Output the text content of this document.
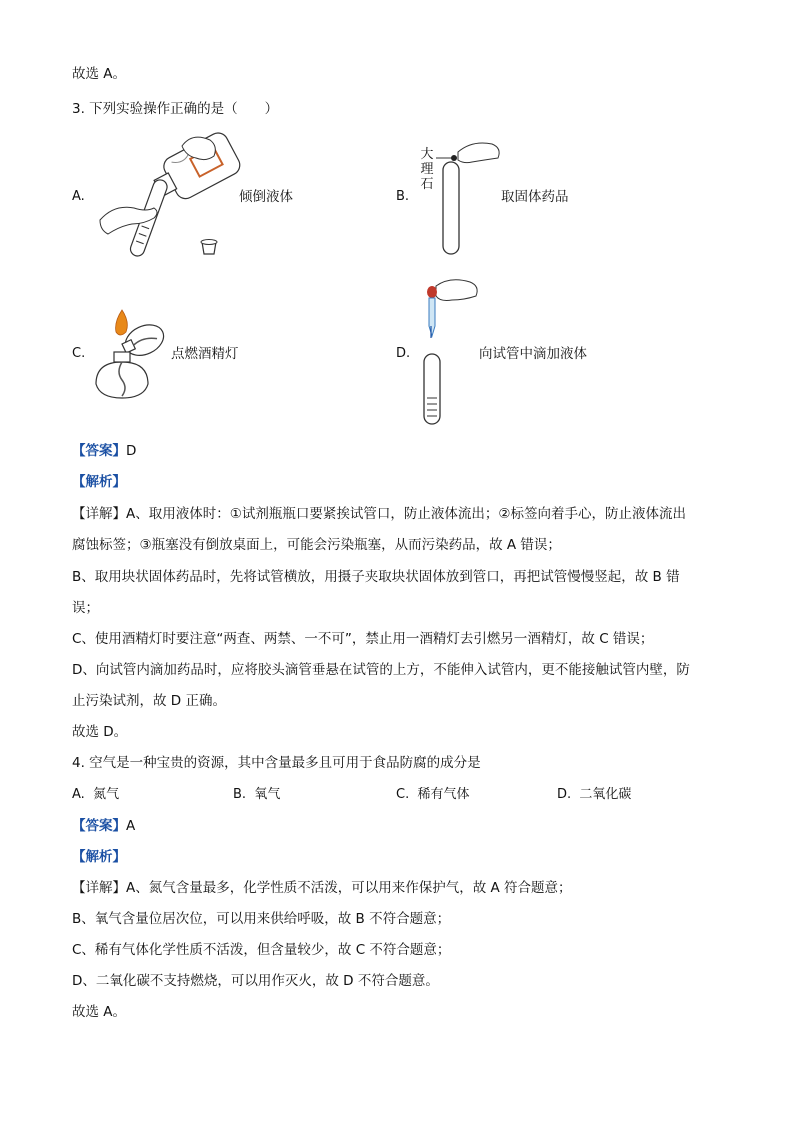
故选 A。
3. 下列实验操作正确的是（　　）
A.	倾倒液体	B.
大理石
取固体药品
C.	点燃酒精灯	D.	向试管中滴加液体
【答案】D
【解析】
【详解】A、取用液体时：①试剂瓶瓶口要紧挨试管口，防止液体流出；②标签向着手心，防止液体流出
腐蚀标签；③瓶塞没有倒放桌面上，可能会污染瓶塞，从而污染药品，故 A 错误；
B、取用块状固体药品时，先将试管横放，用摄子夹取块状固体放到管口，再把试管慢慢竖起，故 B 错
误；
C、使用酒精灯时要注意“两查、两禁、一不可”，禁止用一酒精灯去引燃另一酒精灯，故 C 错误；
D、向试管内滴加药品时，应将胶头滴管垂悬在试管的上方，不能伸入试管内，更不能接触试管内壁，防
止污染试剂，故 D 正确。
故选 D。
4. 空气是一种宝贵的资源，其中含量最多且可用于食品防腐的成分是
A. 氮气	B. 氧气	C. 稀有气体	D. 二氧化碳
【答案】A
【解析】
【详解】A、氮气含量最多，化学性质不活泼，可以用来作保护气，故 A 符合题意；
B、氧气含量位居次位，可以用来供给呼吸，故 B 不符合题意；
C、稀有气体化学性质不活泼，但含量较少，故 C 不符合题意；
D、二氧化碳不支持燃烧，可以用作灭火，故 D 不符合题意。
故选 A。
